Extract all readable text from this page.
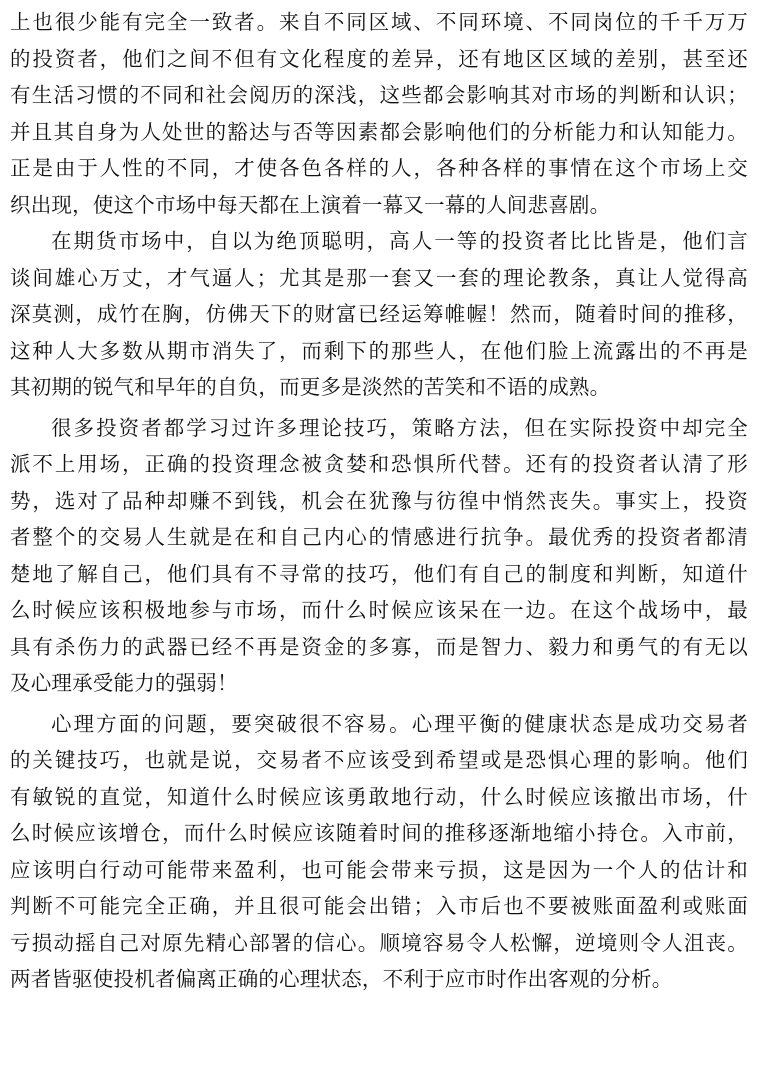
上也很少能有完全一致者。来自不同区域、不同环境、不同岗位的千千万万
的投资者，他们之间不但有文化程度的差异，还有地区区域的差别，甚至还
有生活习惯的不同和社会阅历的深浅，这些都会影响其对市场的判断和认识；
并且其自身为人处世的豁达与否等因素都会影响他们的分析能力和认知能力。
正是由于人性的不同，才使各色各样的人，各种各样的事情在这个市场上交
织出现，使这个市场中每天都在上演着一幕又一幕的人间悲喜剧。
在期货市场中，自以为绝顶聪明，高人一等的投资者比比皆是，他们言
谈间雄心万丈，才气逼人；尤其是那一套又一套的理论教条，真让人觉得高
深莫测，成竹在胸，仿佛天下的财富已经运筹帷幄！然而，随着时间的推移，
这种人大多数从期市消失了，而剩下的那些人，在他们脸上流露出的不再是
其初期的锐气和早年的自负，而更多是淡然的苦笑和不语的成熟。
很多投资者都学习过许多理论技巧，策略方法，但在实际投资中却完全
派不上用场，正确的投资理念被贪婪和恐惧所代替。还有的投资者认清了形
势，选对了品种却赚不到钱，机会在犹豫与彷徨中悄然丧失。事实上，投资
者整个的交易人生就是在和自己内心的情感进行抗争。最优秀的投资者都清
楚地了解自己，他们具有不寻常的技巧，他们有自己的制度和判断，知道什
么时候应该积极地参与市场，而什么时候应该呆在一边。在这个战场中，最
具有杀伤力的武器已经不再是资金的多寡，而是智力、毅力和勇气的有无以
及心理承受能力的强弱！
心理方面的问题，要突破很不容易。心理平衡的健康状态是成功交易者
的关键技巧，也就是说，交易者不应该受到希望或是恐惧心理的影响。他们
有敏锐的直觉，知道什么时候应该勇敢地行动，什么时候应该撤出市场，什
么时候应该增仓，而什么时候应该随着时间的推移逐渐地缩小持仓。入市前，
应该明白行动可能带来盈利，也可能会带来亏损，这是因为一个人的估计和
判断不可能完全正确，并且很可能会出错；入市后也不要被账面盈利或账面
亏损动摇自己对原先精心部署的信心。顺境容易令人松懈，逆境则令人沮丧。
两者皆驱使投机者偏离正确的心理状态，不利于应市时作出客观的分析。
